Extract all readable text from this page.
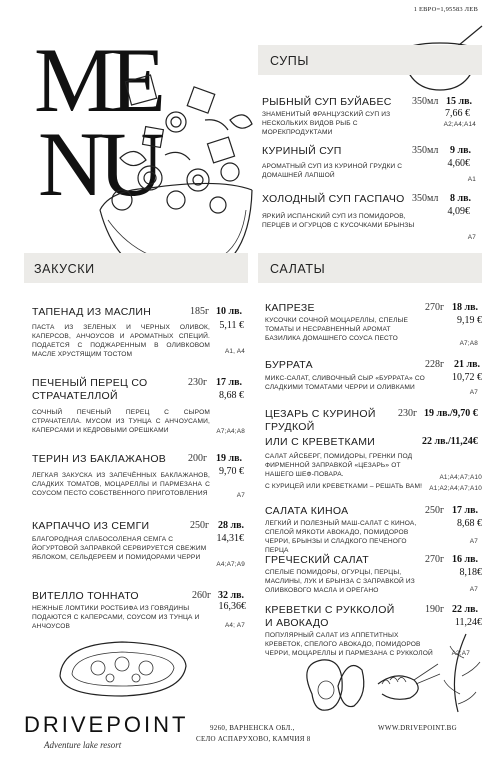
1 ЕВРО=1,95583 ЛЕВ
ME
NU
СУПЫ
РЫБНЫЙ СУП БУЙАБЕС 350мл 15 лв.
7,66 €
ЗНАМЕНИТЫЙ ФРАНЦУЗСКИЙ СУП ИЗ НЕСКОЛЬКИХ ВИДОВ РЫБ С МОРЕКПРОДУКТАМИ
A2;A4;A14
КУРИНЫЙ СУП	350мл 9 лв.
4,60€
АРОМАТНЫЙ СУП ИЗ КУРИНОЙ ГРУДКИ С ДОМАШНЕЙ ЛАПШОЙ
A1
ХОЛОДНЫЙ СУП ГАСПАЧО 350мл 8 лв.
4,09€
ЯРКИЙ ИСПАНСКИЙ СУП ИЗ ПОМИДОРОВ, ПЕРЦЕВ И ОГУРЦОВ С КУСОЧКАМИ БРЫНЗЫ
A7
ЗАКУСКИ	САЛАТЫ
ТАПЕНАД ИЗ МАСЛИН	185г 10 лв.
5,11 €
ПАСТА ИЗ ЗЕЛЕНЫХ И ЧЕРНЫХ ОЛИВОК, КАПЕРСОВ, АНЧОУСОВ И АРОМАТНЫХ СПЕЦИЙ. ПОДАЕТСЯ С ПОДЖАРЕННЫМ В ОЛИВКОВОМ МАСЛЕ ХРУСТЯЩИМ ТОСТОМ	A1, A4
ПЕЧЕНЫЙ ПЕРЕЦ СО СТРАЧАТЕЛЛОЙ
230г 17 лв.
8,68 €
СОЧНЫЙ ПЕЧЕНЫЙ ПЕРЕЦ С СЫРОМ СТРАЧАТЕЛЛА. МУСОМ ИЗ ТУНЦА С АНЧОУСАМИ, КАПЕРСАМИ И КЕДРОВЫМИ ОРЕШКАМИ	A7;A4;A8
ТЕРИН ИЗ БАКЛАЖАНОВ 200г 19 лв.
9,70 €
ЛЕГКАЯ ЗАКУСКА ИЗ ЗАПЕЧЁННЫХ БАКЛАЖАНОВ, СЛАДКИХ ТОМАТОВ, МОЦАРЕЛЛЫ И ПАРМЕЗАНА С СОУСОМ ПЕСТО СОБСТВЕННОГО ПРИГОТОВЛЕНИЯ	A7
КАРПАЧЧО ИЗ СЕМГИ	250г 28 лв.
14,31€
БЛАГОРОДНАЯ СЛАБОСОЛЕНАЯ СЕМГА С ЙОГУРТОВОЙ ЗАПРАВКОЙ СЕРВИРУЕТСЯ СВЕЖИМ ЯБЛОКОМ, СЕЛЬДЕРЕЕМ И ПОМИДОРАМИ ЧЕРРИ
A4;A7;A9
ВИТЕЛЛО ТОННАТО	260г 32 лв.
16,36€
НЕЖНЫЕ ЛОМТИКИ РОСТБИФА ИЗ ГОВЯДИНЫ ПОДАЮТСЯ С КАПЕРСАМИ, СОУСОМ ИЗ ТУНЦА И АНЧОУСОВ	A4; A7
КАПРЕЗЕ	270г 18 лв.
9,19 €
КУСОЧКИ СОЧНОЙ МОЦАРЕЛЛЫ, СПЕЛЫЕ ТОМАТЫ И НЕСРАВНЕННЫЙ АРОМАТ БАЗИЛИКА ДОМАШНЕГО СОУСА ПЕСТО
A7;A8
БУРРАТА	228г 21 лв.
10,72 €
МИКС-САЛАТ, СЛИВОЧНЫЙ СЫР «БУРРАТА» СО СЛАДКИМИ ТОМАТАМИ ЧЕРРИ И ОЛИВКАМИ
A7
ЦЕЗАРЬ С КУРИНОЙ ГРУДКОЙ
230г 19 лв./9,70 €
ИЛИ С КРЕВЕТКАМИ	22 лв./11,24€
САЛАТ АЙСБЕРГ, ПОМИДОРЫ, ГРЕНКИ ПОД ФИРМЕННОЙ ЗАПРАВКОЙ «ЦЕЗАРЬ» ОТ НАШЕГО ШЕФ-ПОВАРА.	A1;A4;A7;A10
С КУРИЦЕЙ ИЛИ КРЕВЕТКАМИ – РЕШАТЬ ВАМ!	A1;A2;A4;A7;A10
САЛАТА КИНОА	250г 17 лв.
8,68 €
ЛЕГКИЙ И ПОЛЕЗНЫЙ МАШ-САЛАТ С КИНОА, СПЕЛОЙ МЯКОТИ АВОКАДО, ПОМИДОРОВ ЧЕРРИ, БРЫНЗЫ И СЛАДКОГО ПЕЧЕНОГО ПЕРЦА
A7
ГРЕЧЕСКИЙ САЛАТ	270г 16 лв.
8,18€
СПЕЛЫЕ ПОМИДОРЫ, ОГУРЦЫ, ПЕРЦЫ, МАСЛИНЫ, ЛУК И БРЫНЗА С ЗАПРАВКОЙ ИЗ ОЛИВКОВОГО МАСЛА И ОРЕГАНО	A7
КРЕВЕТКИ С РУККОЛОЙ И АВОКАДО
190г 22 лв.
11,24€
ПОПУЛЯРНЫЙ САЛАТ ИЗ АППЕТИТНЫХ КРЕВЕТОК, СПЕЛОГО АВОКАДО, ПОМИДОРОВ ЧЕРРИ, МОЦАРЕЛЛЫ И ПАРМЕЗАНА С РУККОЛОЙ	A2;A7
DRIVEPOINT
Adventure lake resort
9260, ВАРНЕНСКА ОБЛ.,
СЕЛО АСПАРУХОВО, КАМЧИЯ 8
WWW.DRIVEPOINT.BG
